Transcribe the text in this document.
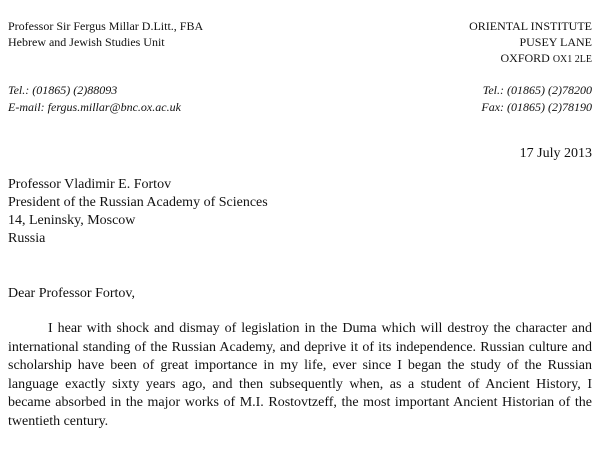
Professor Sir Fergus Millar D.Litt., FBA
Hebrew and Jewish Studies Unit
ORIENTAL INSTITUTE
PUSEY LANE
OXFORD OX1 2LE
Tel.: (01865) (2)88093
E-mail: fergus.millar@bnc.ox.ac.uk
Tel.: (01865) (2)78200
Fax: (01865) (2)78190
17 July 2013
Professor Vladimir E. Fortov
President of the Russian Academy of Sciences
14, Leninsky, Moscow
Russia
Dear Professor Fortov,

I hear with shock and dismay of legislation in the Duma which will destroy the character and international standing of the Russian Academy, and deprive it of its independence. Russian culture and scholarship have been of great importance in my life, ever since I began the study of the Russian language exactly sixty years ago, and then subsequently when, as a student of Ancient History, I became absorbed in the major works of M.I. Rostovtzeff, the most important Ancient Historian of the twentieth century.
